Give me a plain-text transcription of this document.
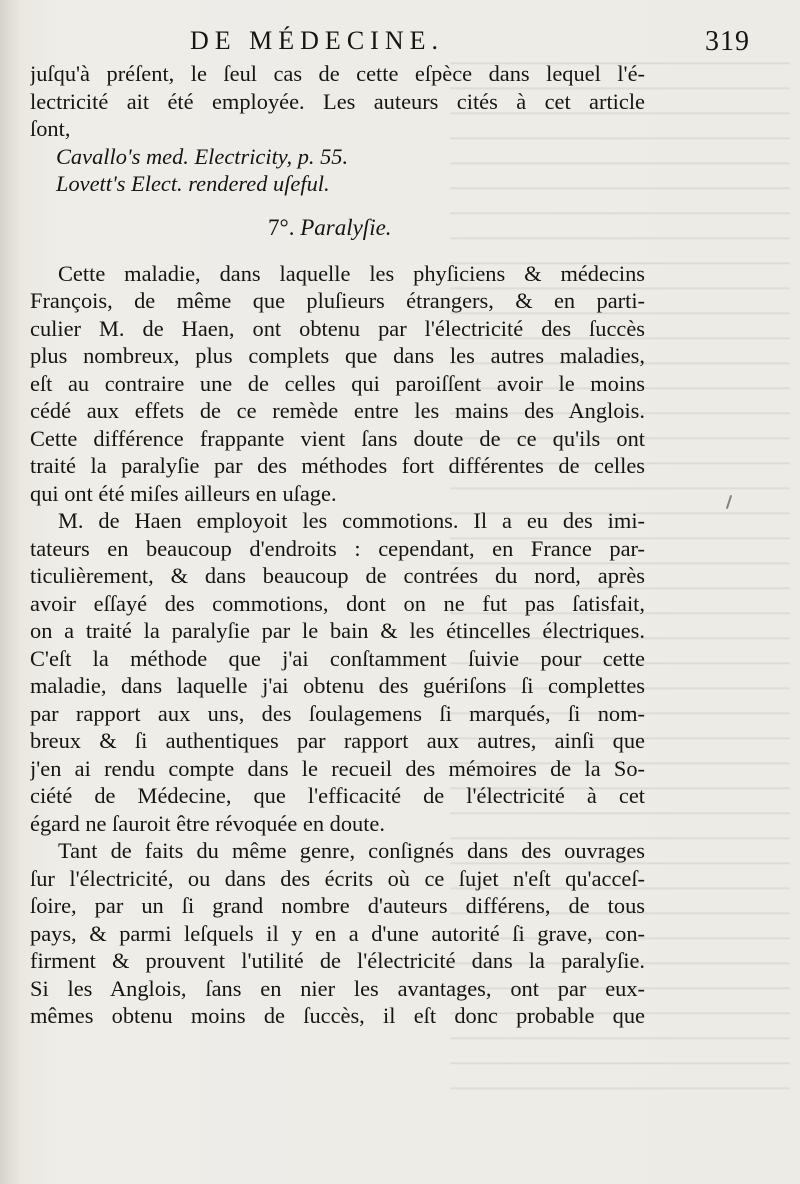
DE MÉDECINE.	319
juſqu'à préſent, le ſeul cas de cette eſpèce dans lequel l'é-
lectricité ait été employée. Les auteurs cités à cet article
ſont,
Cavallo's med. Electricity, p. 55.
Lovett's Elect. rendered uſeful.
7°. Paralyſie.
Cette maladie, dans laquelle les phyſiciens & médecins
François, de même que pluſieurs étrangers, & en parti-
culier M. de Haen, ont obtenu par l'électricité des ſuccès
plus nombreux, plus complets que dans les autres maladies,
eſt au contraire une de celles qui paroiſſent avoir le moins
cédé aux effets de ce remède entre les mains des Anglois.
Cette différence frappante vient ſans doute de ce qu'ils ont
traité la paralyſie par des méthodes fort différentes de celles
qui ont été miſes ailleurs en uſage.
M. de Haen employoit les commotions. Il a eu des imi-
tateurs en beaucoup d'endroits : cependant, en France par-
ticulièrement, & dans beaucoup de contrées du nord, après
avoir eſſayé des commotions, dont on ne fut pas ſatisfait,
on a traité la paralyſie par le bain & les étincelles électriques.
C'eſt la méthode que j'ai conſtamment ſuivie pour cette
maladie, dans laquelle j'ai obtenu des guériſons ſi complettes
par rapport aux uns, des ſoulagemens ſi marqués, ſi nom-
breux & ſi authentiques par rapport aux autres, ainſi que
j'en ai rendu compte dans le recueil des mémoires de la So-
ciété de Médecine, que l'efficacité de l'électricité à cet
égard ne ſauroit être révoquée en doute.
Tant de faits du même genre, conſignés dans des ouvrages
ſur l'électricité, ou dans des écrits où ce ſujet n'eſt qu'acceſ-
ſoire, par un ſi grand nombre d'auteurs différens, de tous
pays, & parmi leſquels il y en a d'une autorité ſi grave, con-
firment & prouvent l'utilité de l'électricité dans la paralyſie.
Si les Anglois, ſans en nier les avantages, ont par eux-
mêmes obtenu moins de ſuccès, il eſt donc probable que
